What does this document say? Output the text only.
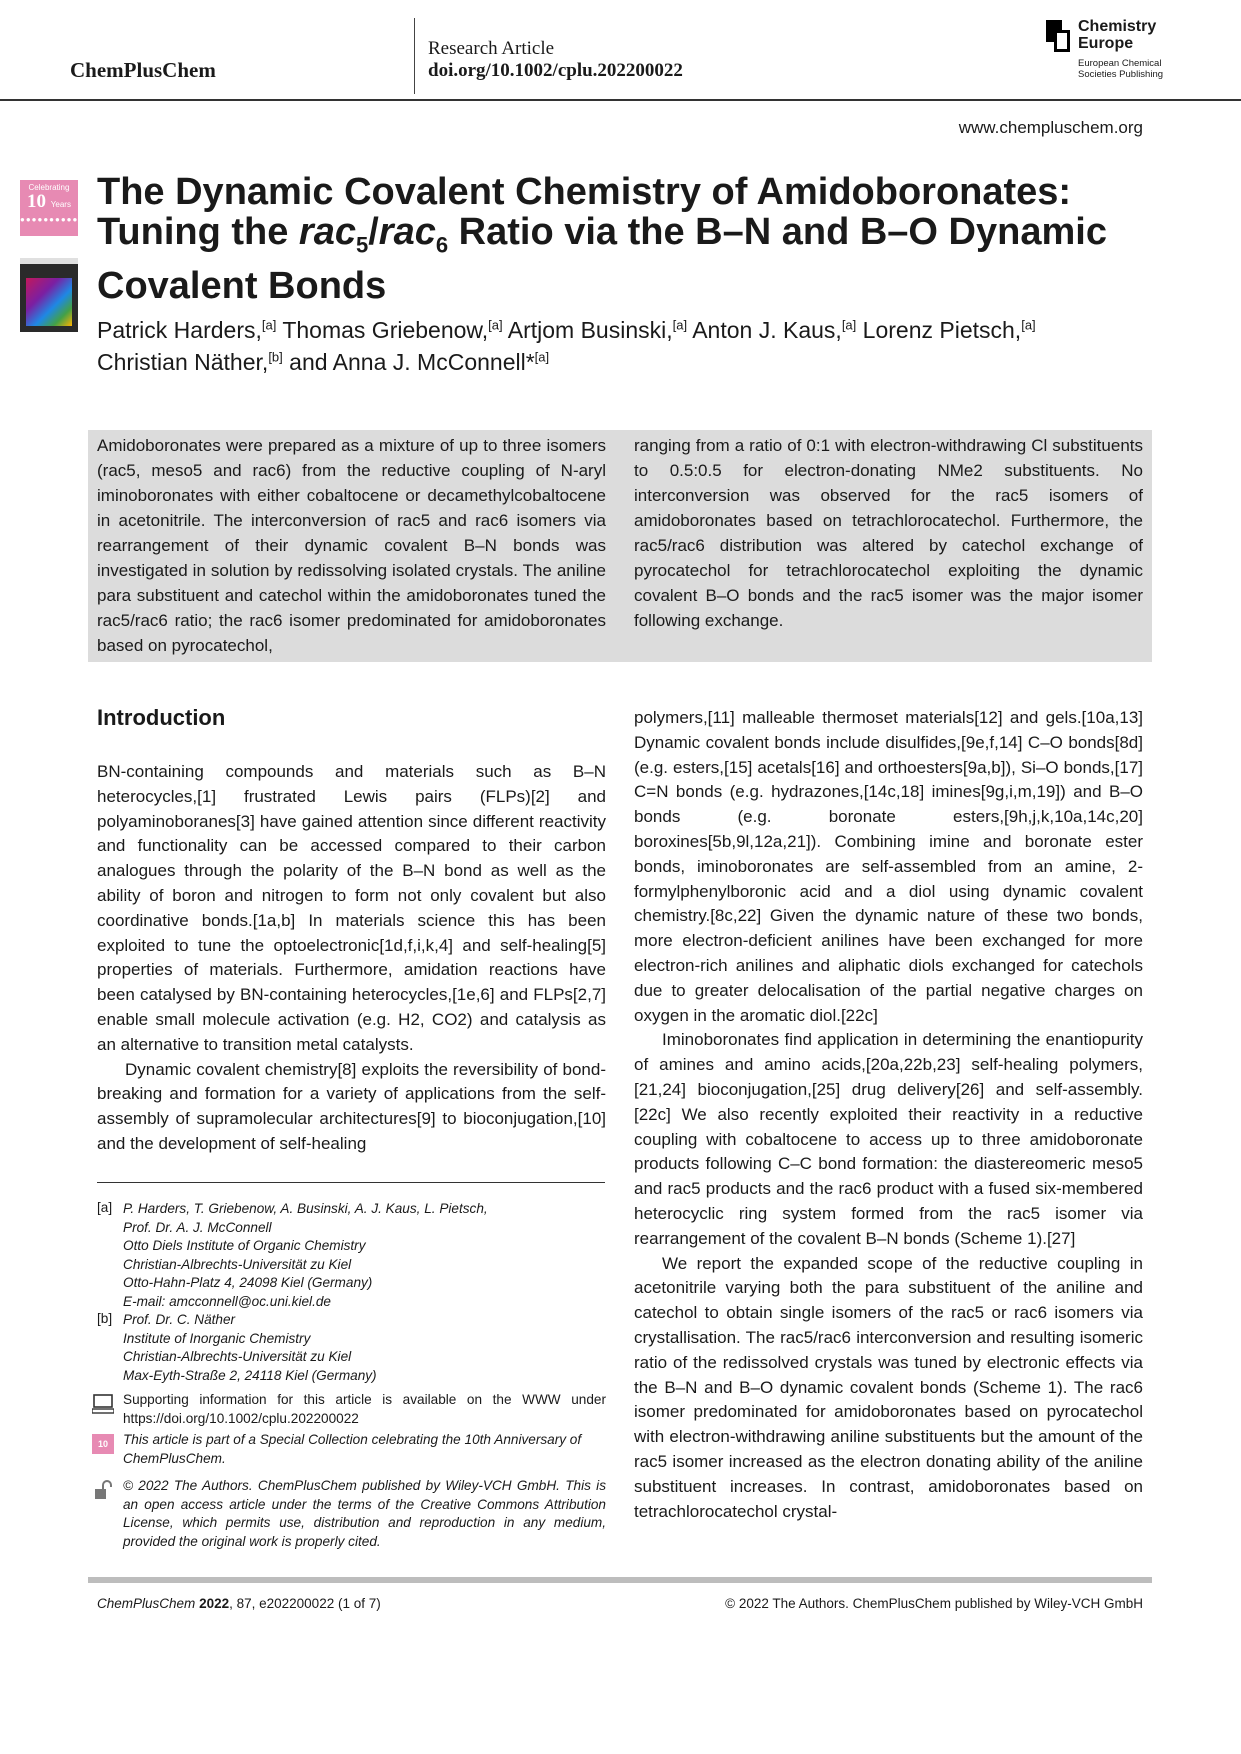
ChemPlusChem
Research Article
doi.org/10.1002/cplu.202200022
Chemistry
Europe
European Chemical
Societies Publishing
www.chempluschem.org
Celebrating
10 Years
●●●●●●●●●●
The Dynamic Covalent Chemistry of Amidoboronates:
Tuning the rac$_5$/rac$_6$ Ratio via the B–N and B–O Dynamic
Covalent Bonds
Patrick Harders,[a] Thomas Griebenow,[a] Artjom Businski,[a] Anton J. Kaus,[a] Lorenz Pietsch,[a]
Christian Näther,[b] and Anna J. McConnell*[a]
Amidoboronates were prepared as a mixture of up to three isomers (rac5, meso5 and rac6) from the reductive coupling of N-aryl iminoboronates with either cobaltocene or decamethylcobaltocene in acetonitrile. The interconversion of rac5 and rac6 isomers via rearrangement of their dynamic covalent B–N bonds was investigated in solution by redissolving isolated crystals. The aniline para substituent and catechol within the amidoboronates tuned the rac5/rac6 ratio; the rac6 isomer predominated for amidoboronates based on pyrocatechol,
ranging from a ratio of 0:1 with electron-withdrawing Cl substituents to 0.5:0.5 for electron-donating NMe2 substituents. No interconversion was observed for the rac5 isomers of amidoboronates based on tetrachlorocatechol. Furthermore, the rac5/rac6 distribution was altered by catechol exchange of pyrocatechol for tetrachlorocatechol exploiting the dynamic covalent B–O bonds and the rac5 isomer was the major isomer following exchange.
Introduction

BN-containing compounds and materials such as B–N heterocycles,[1] frustrated Lewis pairs (FLPs)[2] and polyaminoboranes[3] have gained attention since different reactivity and functionality can be accessed compared to their carbon analogues through the polarity of the B–N bond as well as the ability of boron and nitrogen to form not only covalent but also coordinative bonds.[1a,b] In materials science this has been exploited to tune the optoelectronic[1d,f,i,k,4] and self-healing[5] properties of materials. Furthermore, amidation reactions have been catalysed by BN-containing heterocycles,[1e,6] and FLPs[2,7] enable small molecule activation (e.g. H2, CO2) and catalysis as an alternative to transition metal catalysts.

Dynamic covalent chemistry[8] exploits the reversibility of bond-breaking and formation for a variety of applications from the self-assembly of supramolecular architectures[9] to bioconjugation,[10] and the development of self-healing

polymers,[11] malleable thermoset materials[12] and gels.[10a,13] Dynamic covalent bonds include disulfides,[9e,f,14] C–O bonds[8d] (e.g. esters,[15] acetals[16] and orthoesters[9a,b]), Si–O bonds,[17] C=N bonds (e.g. hydrazones,[14c,18] imines[9g,i,m,19]) and B–O bonds (e.g. boronate esters,[9h,j,k,10a,14c,20] boroxines[5b,9l,12a,21]). Combining imine and boronate ester bonds, iminoboronates are self-assembled from an amine, 2-formylphenylboronic acid and a diol using dynamic covalent chemistry.[8c,22] Given the dynamic nature of these two bonds, more electron-deficient anilines have been exchanged for more electron-rich anilines and aliphatic diols exchanged for catechols due to greater delocalisation of the partial negative charges on oxygen in the aromatic diol.[22c]

Iminoboronates find application in determining the enantiopurity of amines and amino acids,[20a,22b,23] self-healing polymers,[21,24] bioconjugation,[25] drug delivery[26] and self-assembly.[22c] We also recently exploited their reactivity in a reductive coupling with cobaltocene to access up to three amidoboronate products following C–C bond formation: the diastereomeric meso5 and rac5 products and the rac6 product with a fused six-membered heterocyclic ring system formed from the rac5 isomer via rearrangement of the covalent B–N bonds (Scheme 1).[27]

We report the expanded scope of the reductive coupling in acetonitrile varying both the para substituent of the aniline and catechol to obtain single isomers of the rac5 or rac6 isomers via crystallisation. The rac5/rac6 interconversion and resulting isomeric ratio of the redissolved crystals was tuned by electronic effects via the B–N and B–O dynamic covalent bonds (Scheme 1). The rac6 isomer predominated for amidoboronates based on pyrocatechol with electron-withdrawing aniline substituents but the amount of the rac5 isomer increased as the electron donating ability of the aniline substituent increases. In contrast, amidoboronates based on tetrachlorocatechol crystal-

[a] P. Harders, T. Griebenow, A. Businski, A. J. Kaus, L. Pietsch,
Prof. Dr. A. J. McConnell
Otto Diels Institute of Organic Chemistry
Christian-Albrechts-Universität zu Kiel
Otto-Hahn-Platz 4, 24098 Kiel (Germany)
E-mail: amcconnell@oc.uni.kiel.de
[b] Prof. Dr. C. Näther
Institute of Inorganic Chemistry
Christian-Albrechts-Universität zu Kiel
Max-Eyth-Straße 2, 24118 Kiel (Germany)
Supporting information for this article is available on the WWW under https://doi.org/10.1002/cplu.202200022
10	This article is part of a Special Collection celebrating the 10th Anniversary of ChemPlusChem.
© 2022 The Authors. ChemPlusChem published by Wiley-VCH GmbH. This is an open access article under the terms of the Creative Commons Attribution License, which permits use, distribution and reproduction in any medium, provided the original work is properly cited.
ChemPlusChem 2022, 87, e202200022 (1 of 7)	© 2022 The Authors. ChemPlusChem published by Wiley-VCH GmbH
